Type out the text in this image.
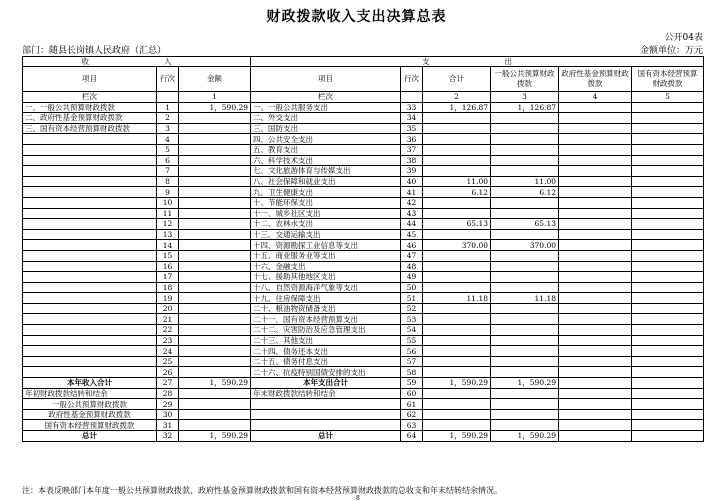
财政拨款收入支出决算总表
公开04表
部门：随县长岗镇人民政府（汇总）	金额单位：万元
收　　入			支　　出					
项目	行次	金额	项目	行次	合计	一般公共预算财政拨款	政府性基金预算财政拨款	国有资本经营预算财政拨款
栏次		1	栏次		2	3	4	5
一、一般公共预算财政拨款	1	1，590.29	一、一般公共服务支出	33	1，126.87	1，126.87		
二、政府性基金预算财政拨款	2		二、外交支出	34				
三、国有资本经营预算财政拨款	3		三、国防支出	35				
	4		四、公共安全支出	36				
	5		五、教育支出	37				
	6		六、科学技术支出	38				
	7		七、文化旅游体育与传媒支出	39				
	8		八、社会保障和就业支出	40	11.00	11.00		
	9		九、卫生健康支出	41	6.12	6.12		
	10		十、节能环保支出	42				
	11		十一、城乡社区支出	43				
	12		十二、农林水支出	44	65.13	65.13		
	13		十三、交通运输支出	45				
	14		十四、资源勘探工业信息等支出	46	370.00	370.00		
	15		十五、商业服务业等支出	47				
	16		十六、金融支出	48				
	17		十七、援助其他地区支出	49				
	18		十八、自然资源海洋气象等支出	50				
	19		十九、住房保障支出	51	11.18	11.18		
	20		二十、粮油物资储备支出	52				
	21		二十一、国有资本经营预算支出	53				
	22		二十二、灾害防治及应急管理支出	54				
	23		二十三、其他支出	55				
	24		二十四、债务还本支出	56				
	25		二十五、债务付息支出	57				
	26		二十六、抗疫特别国债安排的支出	58				
本年收入合计	27	1，590.29	本年支出合计	59	1，590.29	1，590.29		
年初财政拨款结转和结余	28		年末财政拨款结转和结余	60				
一般公共预算财政拨款	29			61				
政府性基金预算财政拨款	30			62				
国有资本经营预算财政拨款	31			63				
总计	32	1，590.29	总计	64	1，590.29	1，590.29		
注：本表反映部门本年度一般公共预算财政拨款、政府性基金预算财政拨款和国有资本经营预算财政拨款的总收支和年末结转结余情况。
8
